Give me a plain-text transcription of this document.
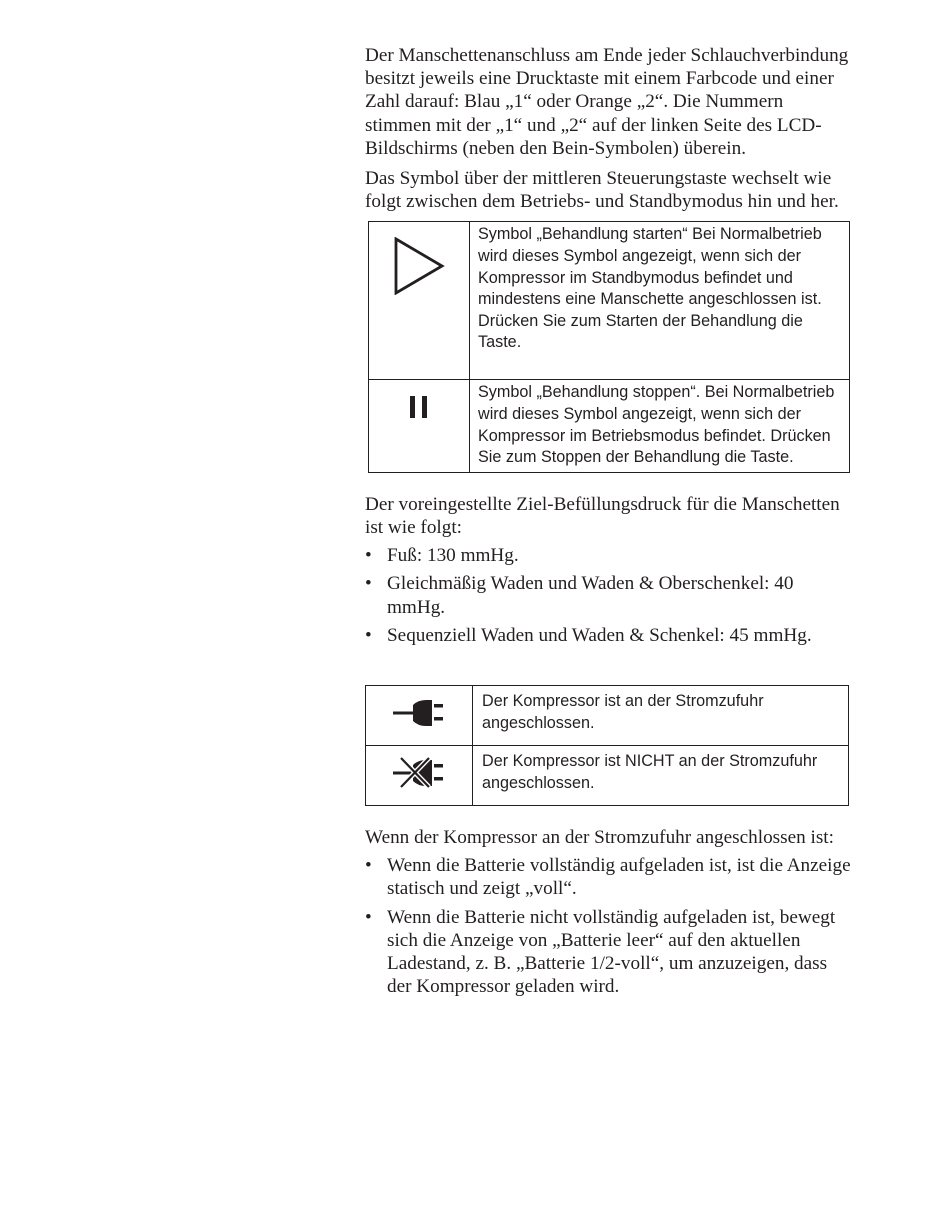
Der Manschettenanschluss am Ende jeder Schlauchverbindung besitzt jeweils eine Drucktaste mit einem Farbcode und einer Zahl darauf: Blau „1“ oder Orange „2“. Die Nummern stimmen mit der „1“ und „2“ auf der linken Seite des LCD-Bildschirms (neben den Bein-Symbolen) überein.

Das Symbol über der mittleren Steuerungstaste wechselt wie folgt zwischen dem Betriebs- und Standbymodus hin und her.

	Symbol „Behandlung starten“ Bei Normalbetrieb wird dieses Symbol angezeigt, wenn sich der Kompressor im Standbymodus befindet und mindestens eine Manschette angeschlossen ist. Drücken Sie zum Starten der Behandlung die Taste.
	Symbol „Behandlung stoppen“. Bei Normalbetrieb wird dieses Symbol angezeigt, wenn sich der Kompressor im Betriebsmodus befindet. Drücken Sie zum Stoppen der Behandlung die Taste.

Der voreingestellte Ziel-Befüllungsdruck für die Manschetten ist wie folgt:

• Fuß: 130 mmHg.
• Gleichmäßig Waden und Waden & Oberschenkel: 40 mmHg.
• Sequenziell Waden und Waden & Schenkel: 45 mmHg.
	Der Kompressor ist an der Stromzufuhr angeschlossen.
	Der Kompressor ist NICHT an der Stromzufuhr angeschlossen.

Wenn der Kompressor an der Stromzufuhr angeschlossen ist:

• Wenn die Batterie vollständig aufgeladen ist, ist die Anzeige statisch und zeigt „voll“.
• Wenn die Batterie nicht vollständig aufgeladen ist, bewegt sich die Anzeige von „Batterie leer“ auf den aktuellen Ladestand, z. B. „Batterie 1/2-voll“, um anzuzeigen, dass der Kompressor geladen wird.
